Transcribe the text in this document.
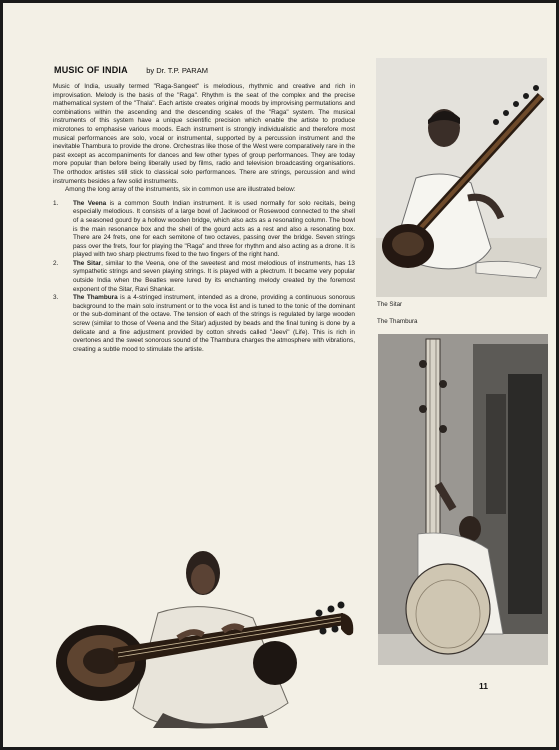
MUSIC OF INDIA by Dr. T.P. PARAM

Music of India, usually termed "Raga-Sangeet" is melodious, rhythmic and creative and rich in improvisation. Melody is the basis of the "Raga". Rhythm is the seat of the complex and the precise mathematical system of the "Thala". Each artiste creates original moods by improvising permutations and combinations within the ascending and the descending scales of the "Raga" system. The musical instruments of this system have a unique scientific precision which enable the artiste to produce microtones to emphasise various moods. Each instrument is strongly individualistic and therefore most musical performances are solo, vocal or instrumental, supported by a percussion instrument and the inevitable Thambura to provide the drone. Orchestras like those of the West were comparatively rare in the past except as accompaniments for dances and few other types of group performances. They are today more popular than before being liberally used by films, radio and television broadcasting organisations. The orthodox artistes still stick to classical solo performances. There are strings, percussion and wind instruments besides a few solid instruments.

Among the long array of the instruments, six in common use are illustrated below:

1. The Veena is a common South Indian instrument. It is used normally for solo recitals, being especially melodious. It consists of a large bowl of Jackwood or Rosewood connected to the shell of a seasoned gourd by a hollow wooden bridge, which also acts as a resonating column. The bowl is the main resonance box and the shell of the gourd acts as a rest and also a resonating box. There are 24 frets, one for each semitone of two octaves, passing over the bridge. Seven strings pass over the frets, four for playing the "Raga" and three for rhythm and also acting as a drone. It is played with two sharp plectrums fixed to the two fingers of the right hand.
2. The Sitar, similar to the Veena, one of the sweetest and most melodious of instruments, has 13 sympathetic strings and seven playing strings. It is played with a plectrum. It became very popular outside India when the Beatles were lured by its enchanting melody created by the foremost exponent of the Sitar, Ravi Shankar.
3. The Thambura is a 4-stringed instrument, intended as a drone, providing a continuous sonorous background to the main solo instrument or to the voca list and is tuned to the tonic of the dominant or the sub-dominant of the octave. The tension of each of the strings is regulated by large wooden screw (similar to those of Veena and the Sitar) adjusted by beads and the final tuning is done by a delicate and a fine adjustment provided by cotton shreds called "Jeevi" (Life). This is rich in overtones and the sweet sonorous sound of the Thambura charges the atmosphere with vibrations, creating a subtle mood to stimulate the artiste.
The Sitar
The Thambura
11
